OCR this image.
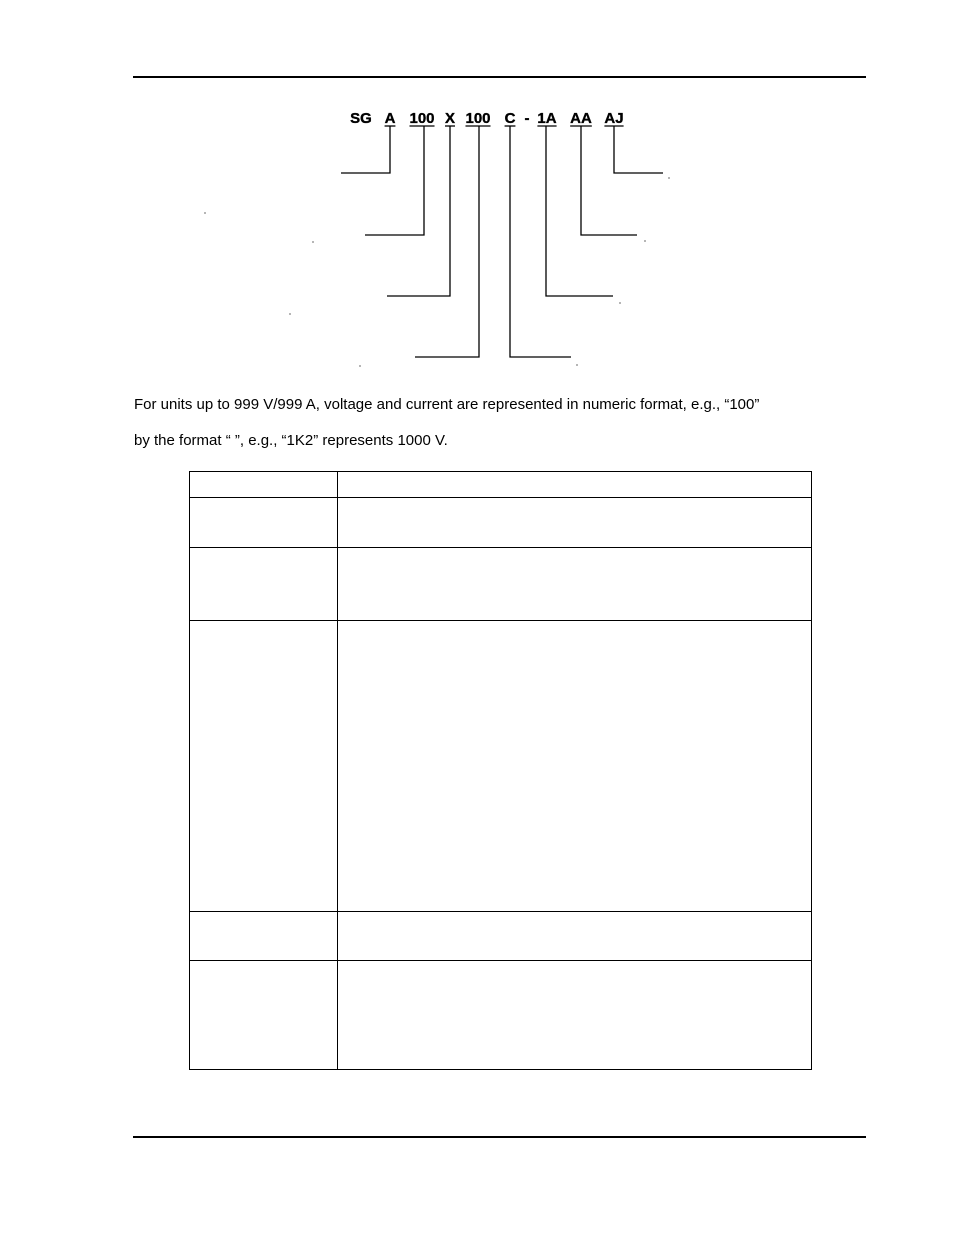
SG A 100 X 100 C - 1A AA AJ

For units up to 999 V/999 A, voltage and current are represented in numeric format, e.g., “100”

by the format “ ”, e.g., “1K2” represents 1000 V.
